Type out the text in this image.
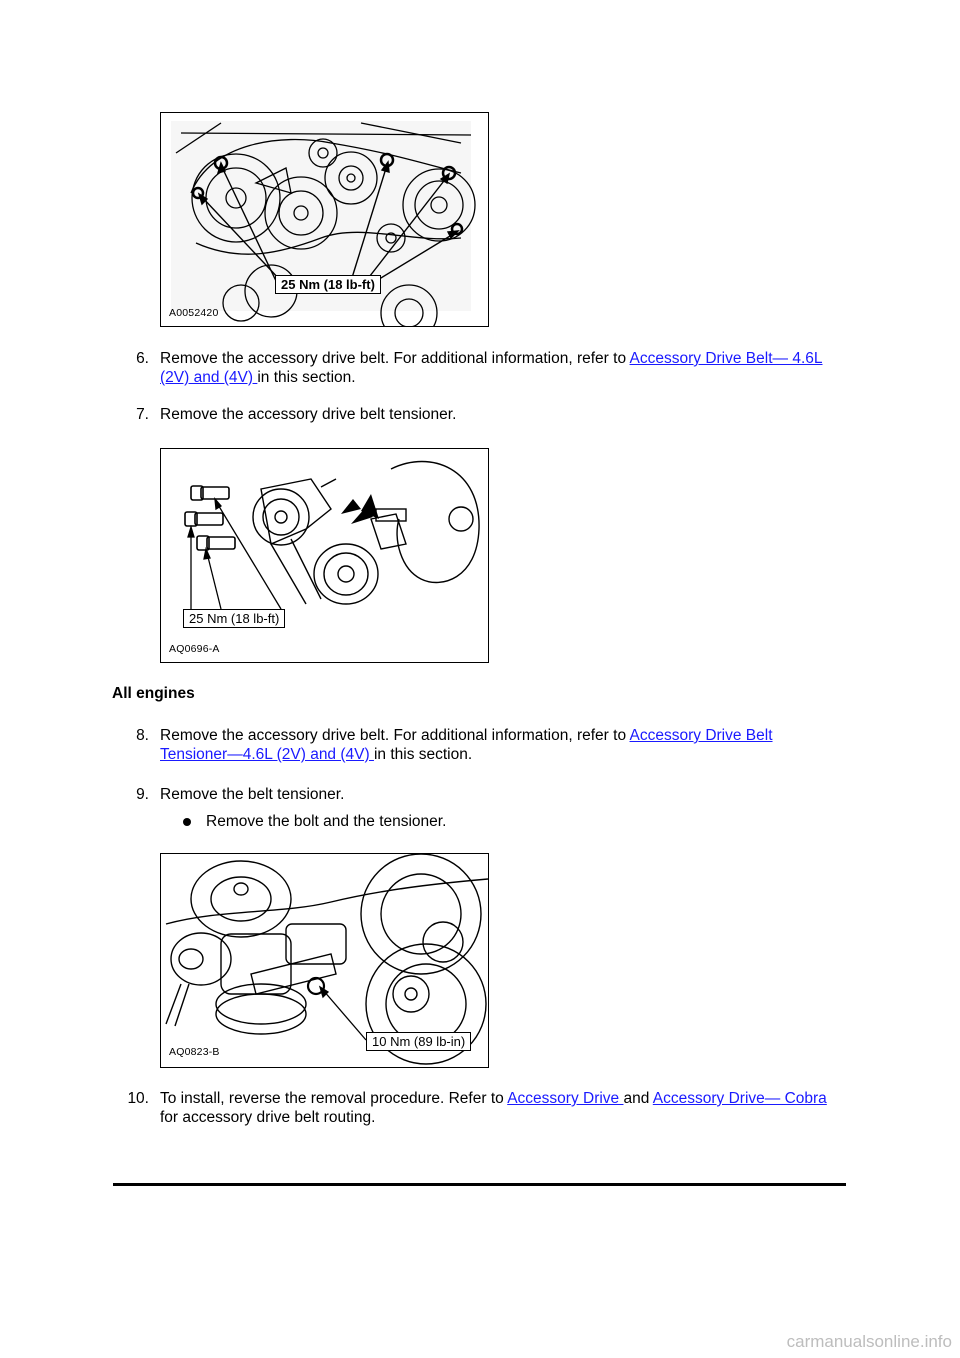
25 Nm (18 lb-ft)
A0052420
6. Remove the accessory drive belt. For additional information, refer to Accessory Drive Belt— 4.6L (2V) and (4V) in this section.
7. Remove the accessory drive belt tensioner.
25 Nm (18 lb-ft)
AQ0696-A
All engines
8. Remove the accessory drive belt. For additional information, refer to Accessory Drive Belt Tensioner—4.6L (2V) and (4V) in this section.
9. Remove the belt tensioner.
Remove the bolt and the tensioner.
10 Nm (89 lb-in)
AQ0823-B
10. To install, reverse the removal procedure. Refer to Accessory Drive and Accessory Drive— Cobra for accessory drive belt routing.
carmanualsonline.info
